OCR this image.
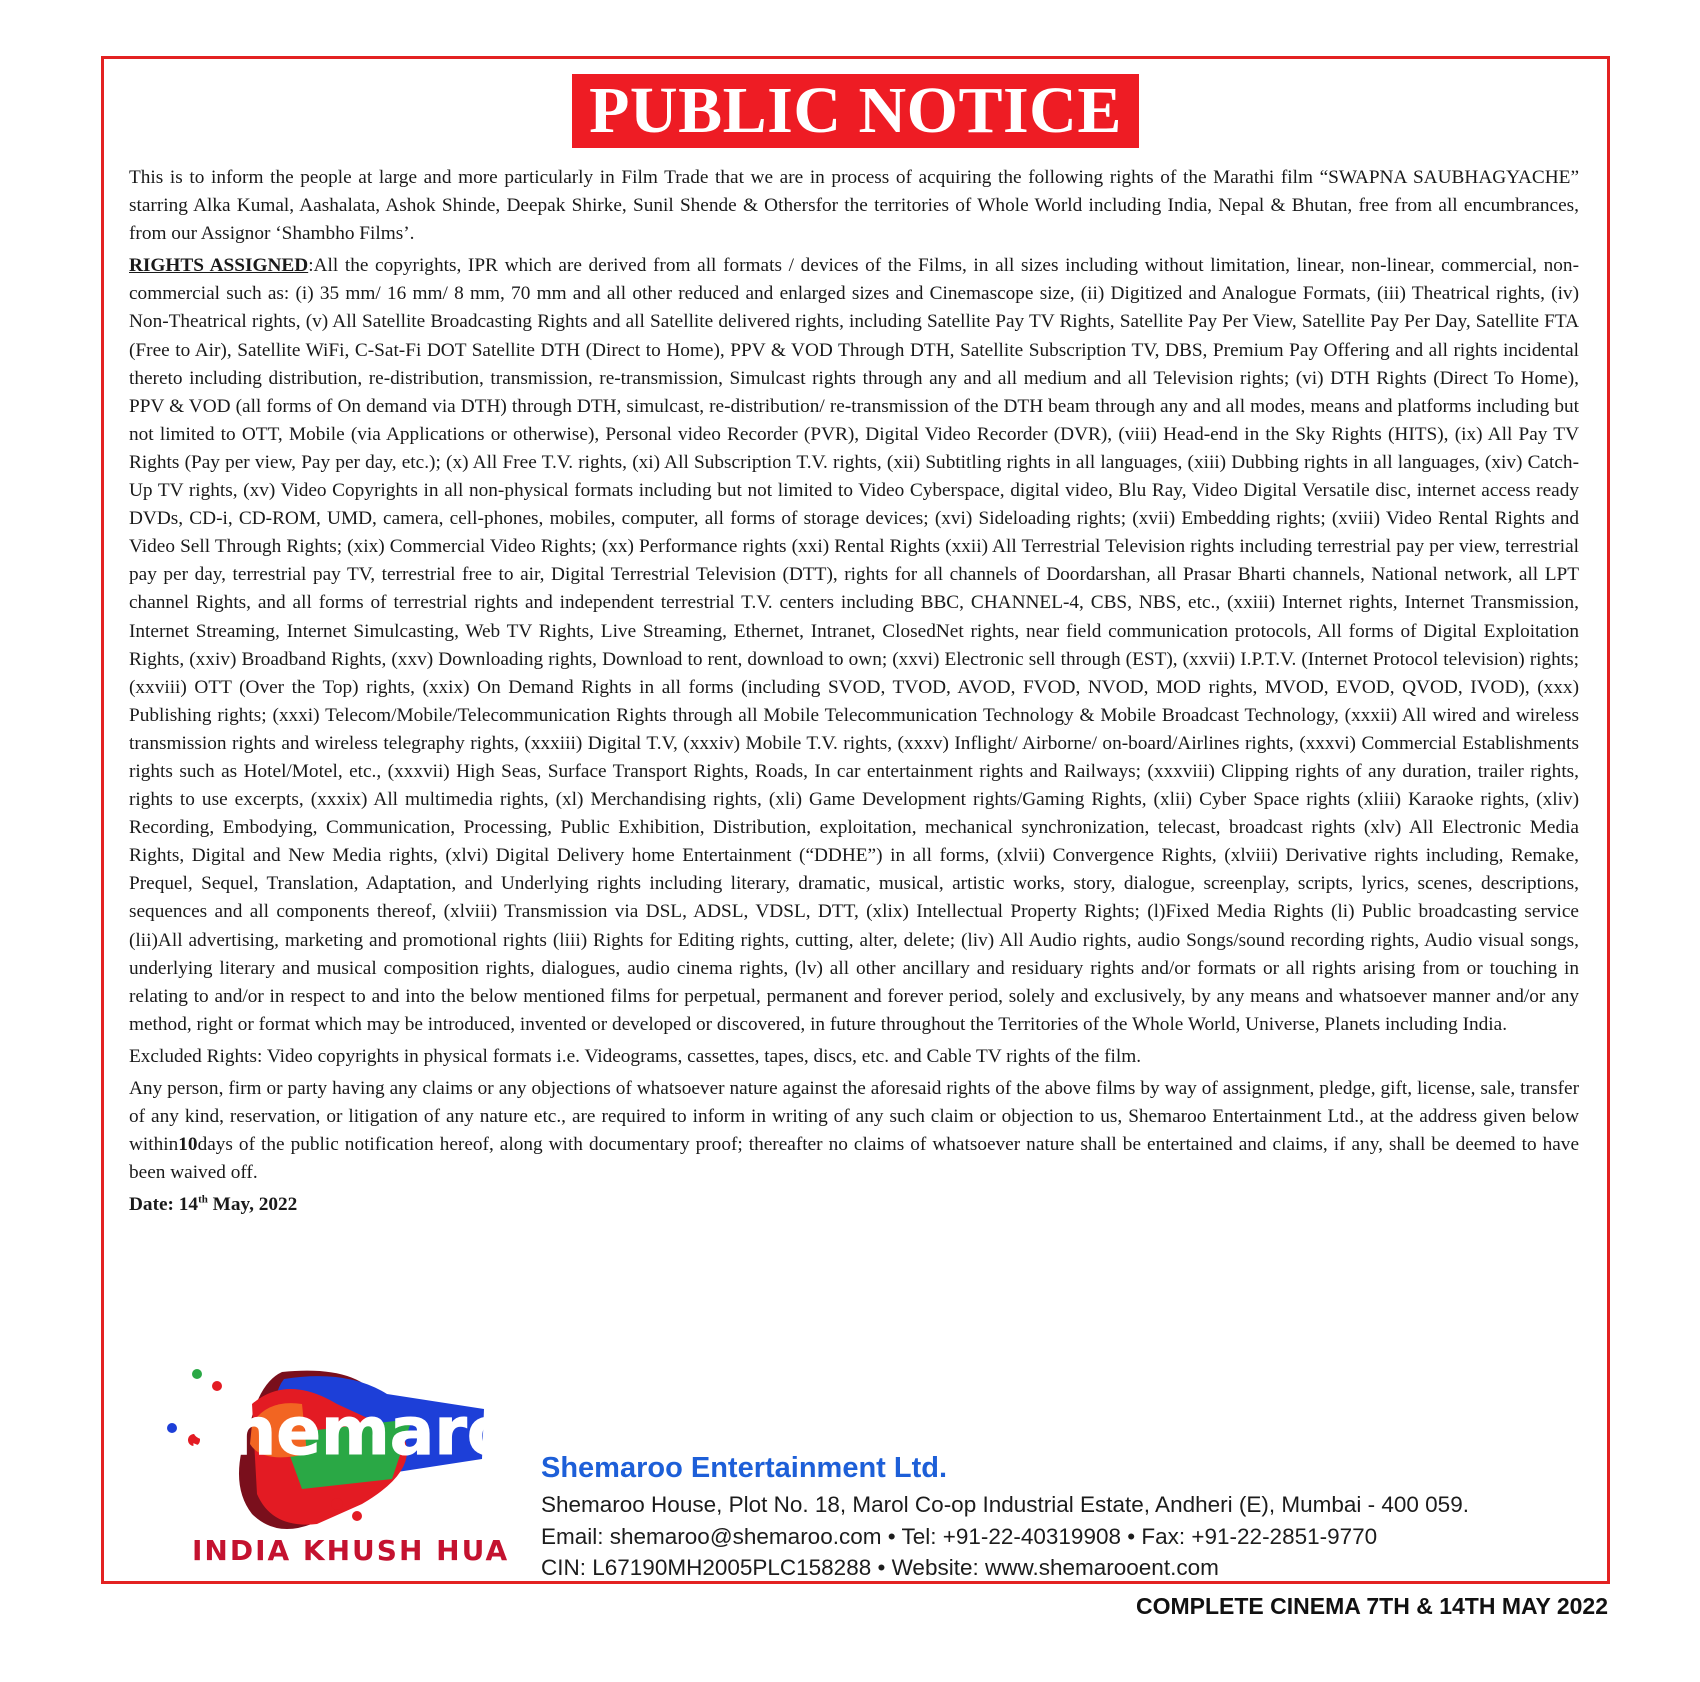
PUBLIC NOTICE

This is to inform the people at large and more particularly in Film Trade that we are in process of acquiring the following rights of the Marathi film “SWAPNA SAUBHAGYACHE” starring Alka Kumal, Aashalata, Ashok Shinde, Deepak Shirke, Sunil Shende & Othersfor the territories of Whole World including India, Nepal & Bhutan, free from all encumbrances, from our Assignor ‘Shambho Films’.

RIGHTS ASSIGNED:All the copyrights, IPR which are derived from all formats / devices of the Films, in all sizes including without limitation, linear, non-linear, commercial, non-commercial such as: (i) 35 mm/ 16 mm/ 8 mm, 70 mm and all other reduced and enlarged sizes and Cinemascope size, (ii) Digitized and Analogue Formats, (iii) Theatrical rights, (iv) Non-Theatrical rights, (v) All Satellite Broadcasting Rights and all Satellite delivered rights, including Satellite Pay TV Rights, Satellite Pay Per View, Satellite Pay Per Day, Satellite FTA (Free to Air), Satellite WiFi, C-Sat-Fi DOT Satellite DTH (Direct to Home), PPV & VOD Through DTH, Satellite Subscription TV, DBS, Premium Pay Offering and all rights incidental thereto including distribution, re-distribution, transmission, re-transmission, Simulcast rights through any and all medium and all Television rights; (vi) DTH Rights (Direct To Home), PPV & VOD (all forms of On demand via DTH) through DTH, simulcast, re-distribution/ re-transmission of the DTH beam through any and all modes, means and platforms including but not limited to OTT, Mobile (via Applications or otherwise), Personal video Recorder (PVR), Digital Video Recorder (DVR), (viii) Head-end in the Sky Rights (HITS), (ix) All Pay TV Rights (Pay per view, Pay per day, etc.); (x) All Free T.V. rights, (xi) All Subscription T.V. rights, (xii) Subtitling rights in all languages, (xiii) Dubbing rights in all languages, (xiv) Catch-Up TV rights, (xv) Video Copyrights in all non-physical formats including but not limited to Video Cyberspace, digital video, Blu Ray, Video Digital Versatile disc, internet access ready DVDs, CD-i, CD-ROM, UMD, camera, cell-phones, mobiles, computer, all forms of storage devices; (xvi) Sideloading rights; (xvii) Embedding rights; (xviii) Video Rental Rights and Video Sell Through Rights; (xix) Commercial Video Rights; (xx) Performance rights (xxi) Rental Rights (xxii) All Terrestrial Television rights including terrestrial pay per view, terrestrial pay per day, terrestrial pay TV, terrestrial free to air, Digital Terrestrial Television (DTT), rights for all channels of Doordarshan, all Prasar Bharti channels, National network, all LPT channel Rights, and all forms of terrestrial rights and independent terrestrial T.V. centers including BBC, CHANNEL-4, CBS, NBS, etc., (xxiii) Internet rights, Internet Transmission, Internet Streaming, Internet Simulcasting, Web TV Rights, Live Streaming, Ethernet, Intranet, ClosedNet rights, near field communication protocols, All forms of Digital Exploitation Rights, (xxiv) Broadband Rights, (xxv) Downloading rights, Download to rent, download to own; (xxvi) Electronic sell through (EST), (xxvii) I.P.T.V. (Internet Protocol television) rights; (xxviii) OTT (Over the Top) rights, (xxix) On Demand Rights in all forms (including SVOD, TVOD, AVOD, FVOD, NVOD, MOD rights, MVOD, EVOD, QVOD, IVOD), (xxx) Publishing rights; (xxxi) Telecom/Mobile/Telecommunication Rights through all Mobile Telecommunication Technology & Mobile Broadcast Technology, (xxxii) All wired and wireless transmission rights and wireless telegraphy rights, (xxxiii) Digital T.V, (xxxiv) Mobile T.V. rights, (xxxv) Inflight/ Airborne/ on-board/Airlines rights, (xxxvi) Commercial Establishments rights such as Hotel/Motel, etc., (xxxvii) High Seas, Surface Transport Rights, Roads, In car entertainment rights and Railways; (xxxviii) Clipping rights of any duration, trailer rights, rights to use excerpts, (xxxix) All multimedia rights, (xl) Merchandising rights, (xli) Game Development rights/Gaming Rights, (xlii) Cyber Space rights (xliii) Karaoke rights, (xliv) Recording, Embodying, Communication, Processing, Public Exhibition, Distribution, exploitation, mechanical synchronization, telecast, broadcast rights (xlv) All Electronic Media Rights, Digital and New Media rights, (xlvi) Digital Delivery home Entertainment (“DDHE”) in all forms, (xlvii) Convergence Rights, (xlviii) Derivative rights including, Remake, Prequel, Sequel, Translation, Adaptation, and Underlying rights including literary, dramatic, musical, artistic works, story, dialogue, screenplay, scripts, lyrics, scenes, descriptions, sequences and all components thereof, (xlviii) Transmission via DSL, ADSL, VDSL, DTT, (xlix) Intellectual Property Rights; (l)Fixed Media Rights (li) Public broadcasting service (lii)All advertising, marketing and promotional rights (liii) Rights for Editing rights, cutting, alter, delete; (liv) All Audio rights, audio Songs/sound recording rights, Audio visual songs, underlying literary and musical composition rights, dialogues, audio cinema rights, (lv) all other ancillary and residuary rights and/or formats or all rights arising from or touching in relating to and/or in respect to and into the below mentioned films for perpetual, permanent and forever period, solely and exclusively, by any means and whatsoever manner and/or any method, right or format which may be introduced, invented or developed or discovered, in future throughout the Territories of the Whole World, Universe, Planets including India.

Excluded Rights: Video copyrights in physical formats i.e. Videograms, cassettes, tapes, discs, etc. and Cable TV rights of the film.

Any person, firm or party having any claims or any objections of whatsoever nature against the aforesaid rights of the above films by way of assignment, pledge, gift, license, sale, transfer of any kind, reservation, or litigation of any nature etc., are required to inform in writing of any such claim or objection to us, Shemaroo Entertainment Ltd., at the address given below within10days of the public notification hereof, along with documentary proof; thereafter no claims of whatsoever nature shall be entertained and claims, if any, shall be deemed to have been waived off.

Date: 14th May, 2022
shemaroo
INDIA KHUSH HUA
Shemaroo Entertainment Ltd.
Shemaroo House, Plot No. 18, Marol Co-op Industrial Estate, Andheri (E), Mumbai - 400 059.
Email: shemaroo@shemaroo.com • Tel: +91-22-40319908 • Fax: +91-22-2851-9770
CIN: L67190MH2005PLC158288 • Website: www.shemarooent.com
COMPLETE CINEMA 7TH & 14TH MAY 2022
